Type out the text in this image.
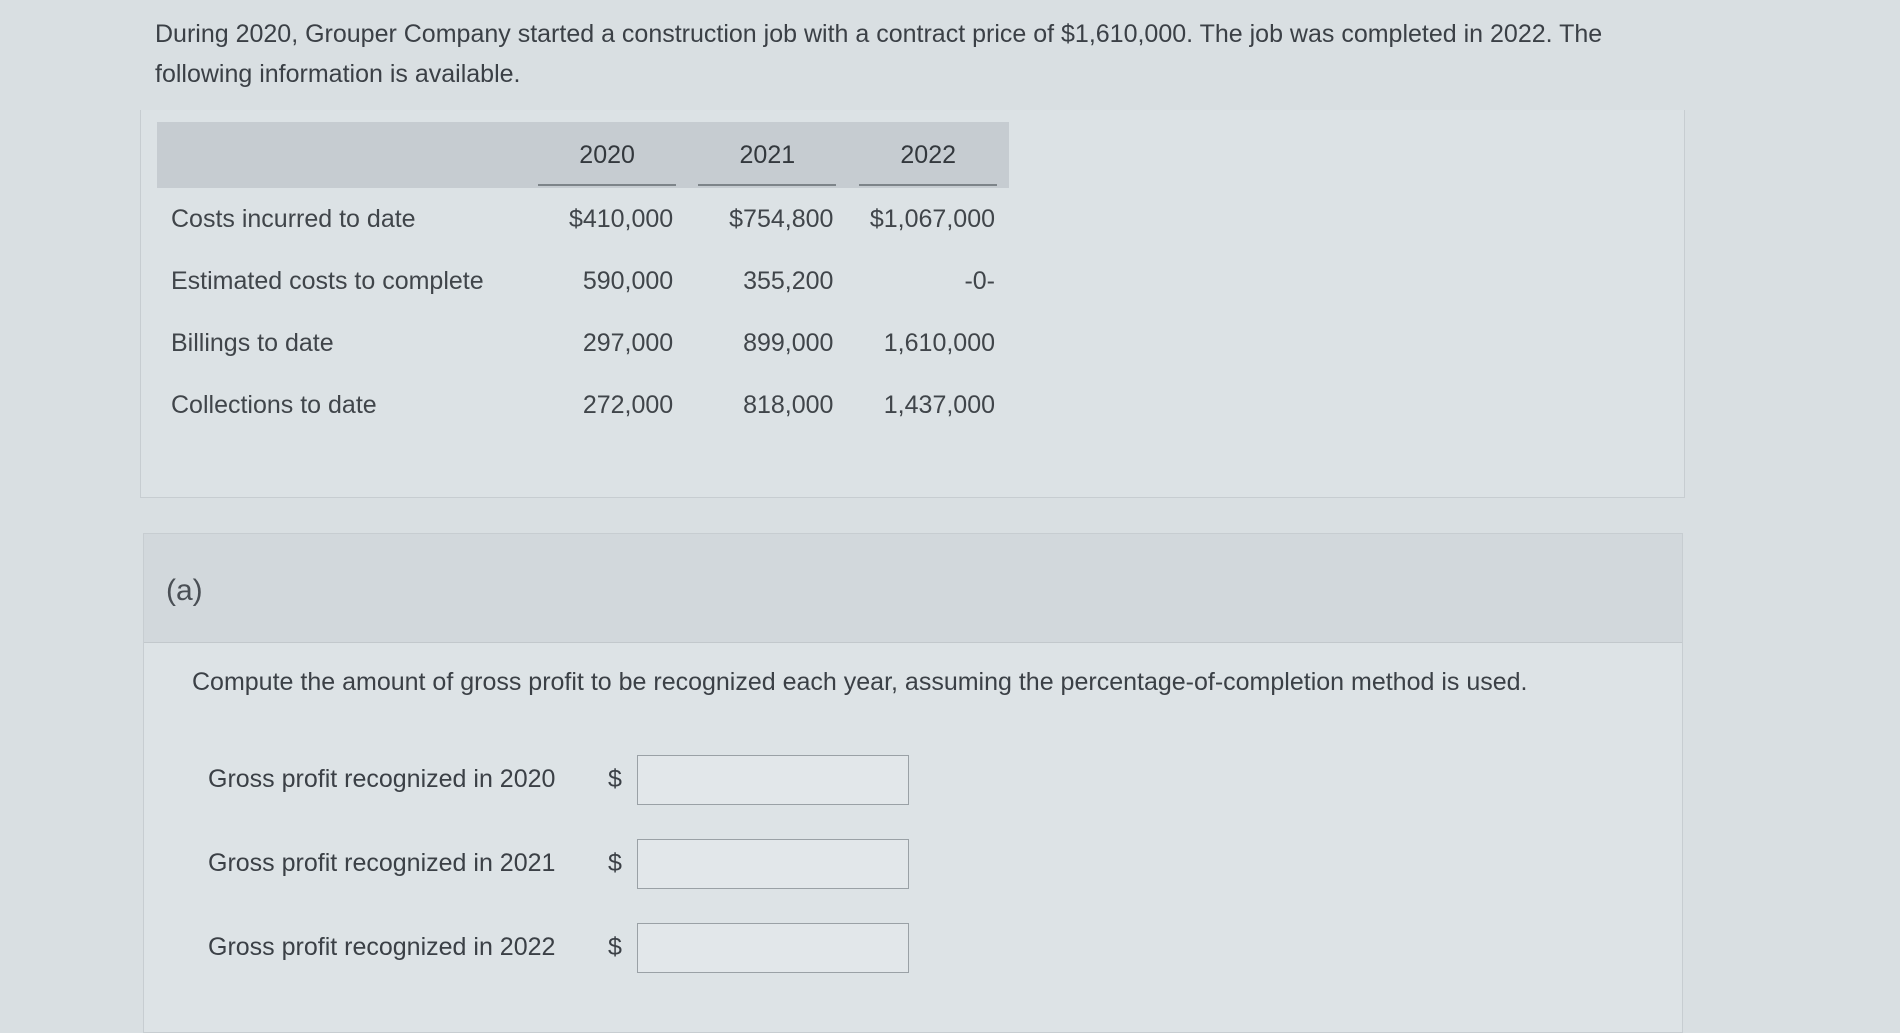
During 2020, Grouper Company started a construction job with a contract price of $1,610,000. The job was completed in 2022. The following information is available.
	2020	2021	2022
Costs incurred to date	$410,000	$754,800	$1,067,000
Estimated costs to complete	590,000	355,200	-0-
Billings to date	297,000	899,000	1,610,000
Collections to date	272,000	818,000	1,437,000
(a)
Compute the amount of gross profit to be recognized each year, assuming the percentage-of-completion method is used.
Gross profit recognized in 2020 $
Gross profit recognized in 2021 $
Gross profit recognized in 2022 $
